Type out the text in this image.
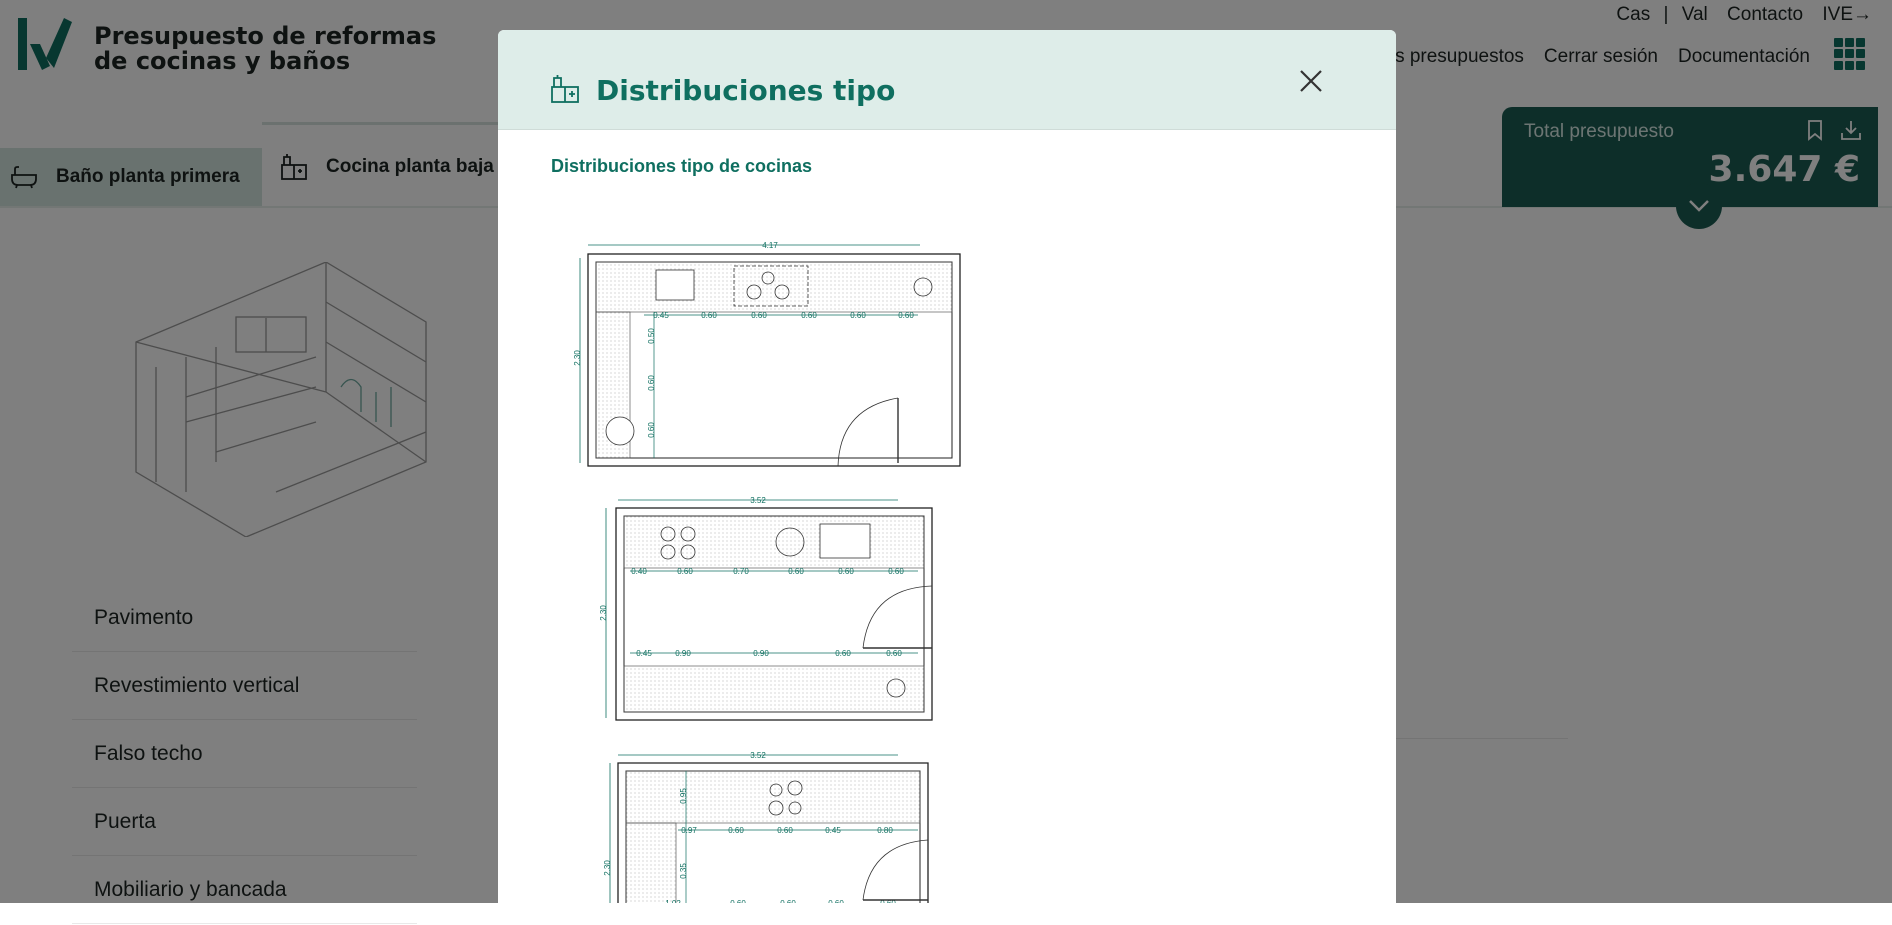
Distribuciones tipo
Distribuciones tipo de cocinas
4.17
2.30
0.45	0.60	0.60	0.60	0.60	0.60
0.50
0.60
0.60
3.52
2.30
0.40	0.60	0.70	0.60	0.60	0.60
0.45	0.90	0.90	0.60	0.60
3.52
2.30
0.97	0.60	0.60	0.45	0.80
0.95
0.35
1.02	0.60	0.60	0.60	0.60
